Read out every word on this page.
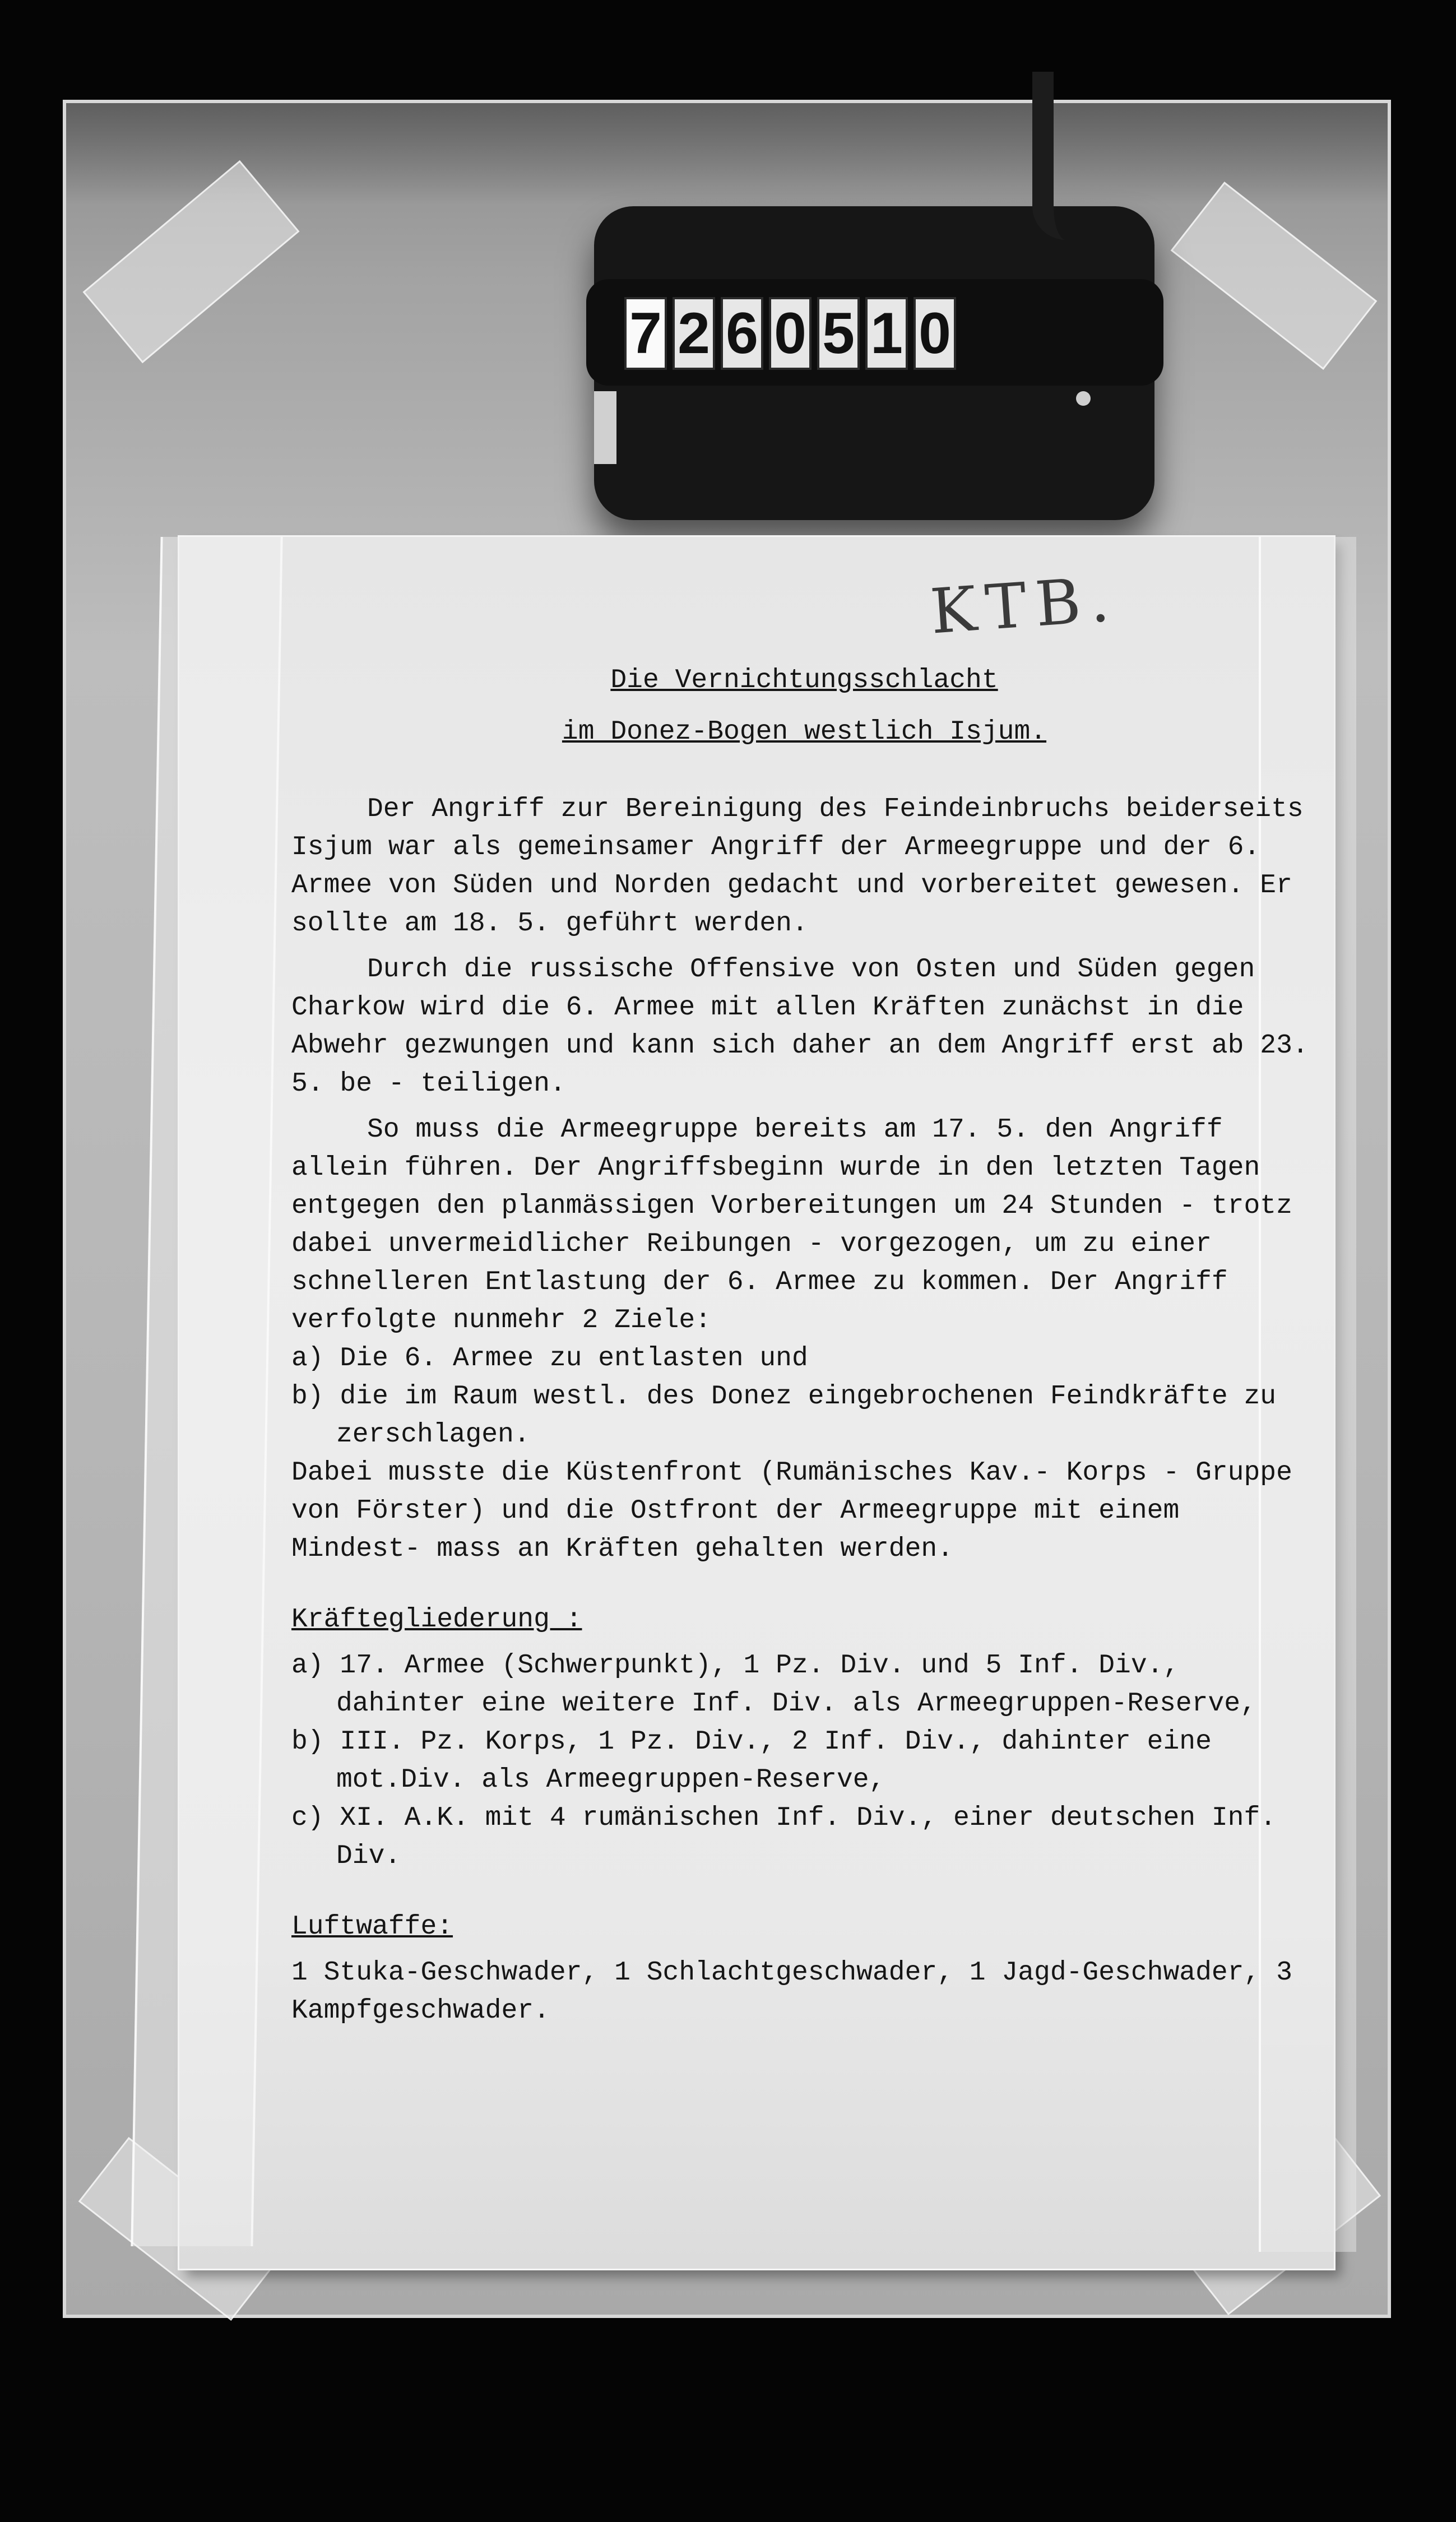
7 2 6 0 5 1 0
KTB.

Die Vernichtungsschlacht

im Donez-Bogen westlich Isjum.

Der Angriff zur Bereinigung des Feindeinbruchs beiderseits Isjum war als gemeinsamer Angriff der Armeegruppe und der 6. Armee von Süden und Norden gedacht und vorbereitet gewesen. Er sollte am 18. 5. geführt werden.

Durch die russische Offensive von Osten und Süden gegen Charkow wird die 6. Armee mit allen Kräften zunächst in die Abwehr gezwungen und kann sich daher an dem Angriff erst ab 23. 5. be - teiligen.

So muss die Armeegruppe bereits am 17. 5. den Angriff allein führen. Der Angriffsbeginn wurde in den letzten Tagen entgegen den planmässigen Vorbereitungen um 24 Stunden - trotz dabei unvermeidlicher Reibungen - vorgezogen, um zu einer schnelleren Entlastung der 6. Armee zu kommen. Der Angriff verfolgte nunmehr 2 Ziele:

a) Die 6. Armee zu entlasten und

b) die im Raum westl. des Donez eingebrochenen Feindkräfte zu zerschlagen.

Dabei musste die Küstenfront (Rumänisches Kav.- Korps - Gruppe von Förster) und die Ostfront der Armeegruppe mit einem Mindest- mass an Kräften gehalten werden.

Kräftegliederung :

a) 17. Armee (Schwerpunkt), 1 Pz. Div. und 5 Inf. Div., dahinter eine weitere Inf. Div. als Armeegruppen-Reserve,

b) III. Pz. Korps, 1 Pz. Div., 2 Inf. Div., dahinter eine mot.Div. als Armeegruppen-Reserve,

c) XI. A.K. mit 4 rumänischen Inf. Div., einer deutschen Inf. Div.

Luftwaffe:

1 Stuka-Geschwader, 1 Schlachtgeschwader, 1 Jagd-Geschwader, 3 Kampfgeschwader.
